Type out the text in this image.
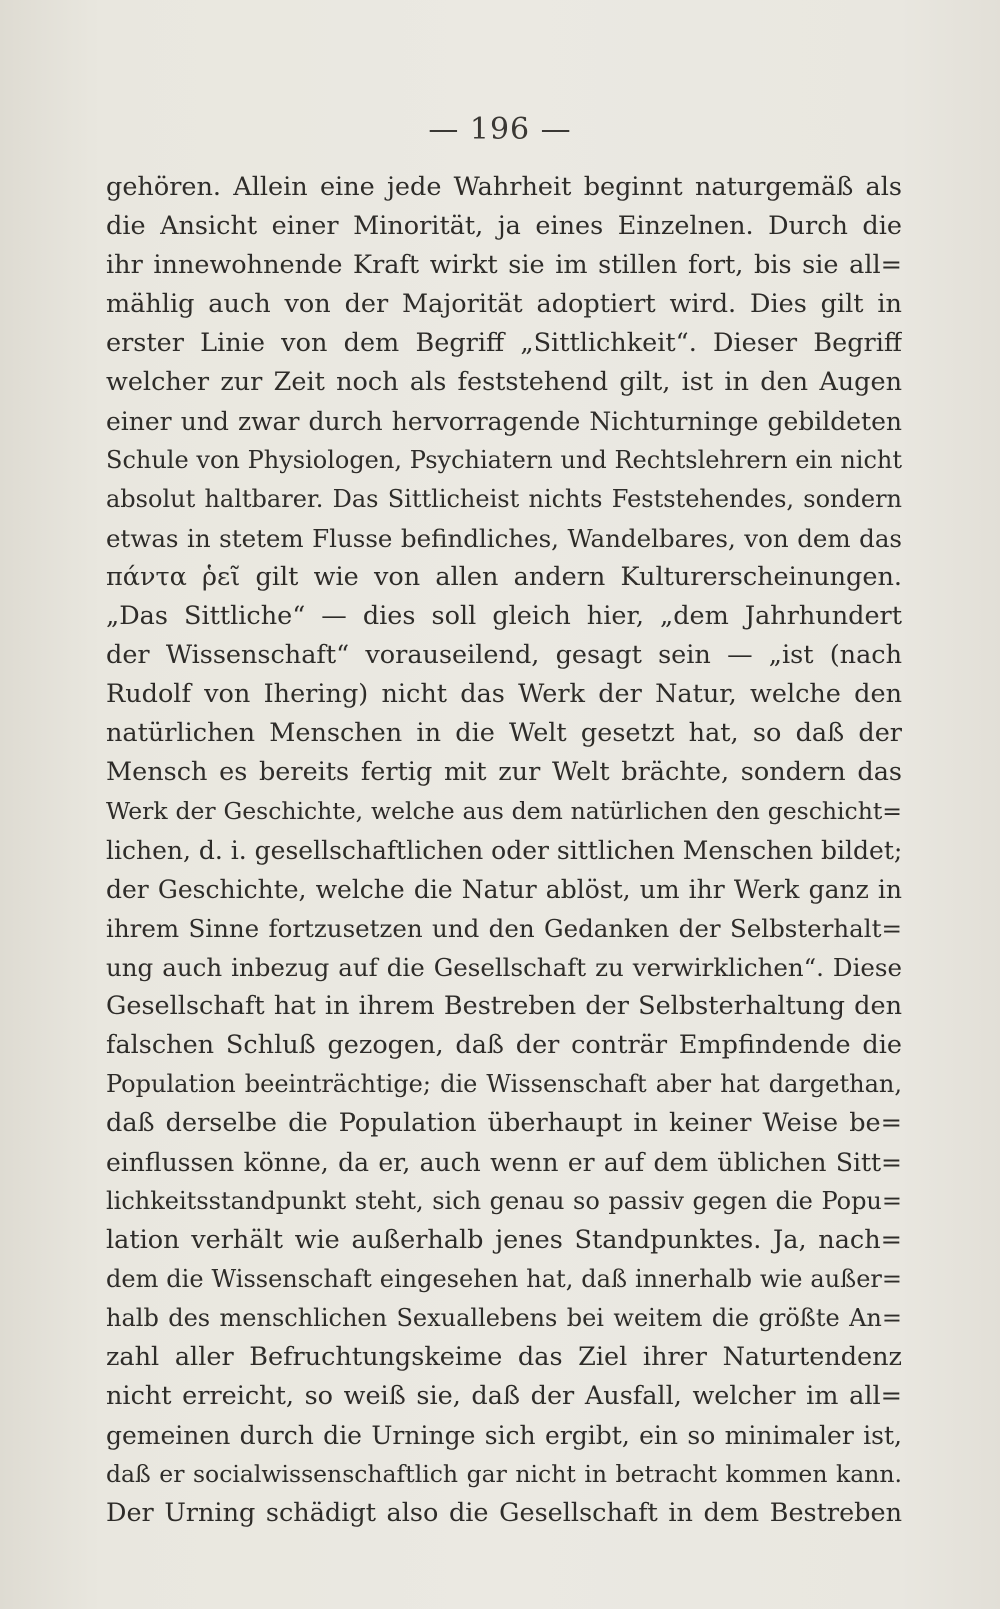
— 196 —
gehören. Allein eine jede Wahrheit beginnt naturgemäß als
die Ansicht einer Minorität, ja eines Einzelnen. Durch die
ihr innewohnende Kraft wirkt sie im stillen fort, bis sie all=
mählig auch von der Majorität adoptiert wird. Dies gilt in
erster Linie von dem Begriff „Sittlichkeit“. Dieser Begriff
welcher zur Zeit noch als feststehend gilt, ist in den Augen
einer und zwar durch hervorragende Nichturninge gebildeten
Schule von Physiologen, Psychiatern und Rechtslehrern ein nicht
absolut haltbarer. Das Sittlicheist nichts Feststehendes, sondern
etwas in stetem Flusse befindliches, Wandelbares, von dem das
πάντα ῥεῖ gilt wie von allen andern Kulturerscheinungen.
„Das Sittliche“ — dies soll gleich hier, „dem Jahrhundert
der Wissenschaft“ vorauseilend, gesagt sein — „ist (nach
Rudolf von Ihering) nicht das Werk der Natur, welche den
natürlichen Menschen in die Welt gesetzt hat, so daß der
Mensch es bereits fertig mit zur Welt brächte, sondern das
Werk der Geschichte, welche aus dem natürlichen den geschicht=
lichen, d. i. gesellschaftlichen oder sittlichen Menschen bildet;
der Geschichte, welche die Natur ablöst, um ihr Werk ganz in
ihrem Sinne fortzusetzen und den Gedanken der Selbsterhalt=
ung auch inbezug auf die Gesellschaft zu verwirklichen“. Diese
Gesellschaft hat in ihrem Bestreben der Selbsterhaltung den
falschen Schluß gezogen, daß der conträr Empfindende die
Population beeinträchtige; die Wissenschaft aber hat dargethan,
daß derselbe die Population überhaupt in keiner Weise be=
einflussen könne, da er, auch wenn er auf dem üblichen Sitt=
lichkeitsstandpunkt steht, sich genau so passiv gegen die Popu=
lation verhält wie außerhalb jenes Standpunktes. Ja, nach=
dem die Wissenschaft eingesehen hat, daß innerhalb wie außer=
halb des menschlichen Sexuallebens bei weitem die größte An=
zahl aller Befruchtungskeime das Ziel ihrer Naturtendenz
nicht erreicht, so weiß sie, daß der Ausfall, welcher im all=
gemeinen durch die Urninge sich ergibt, ein so minimaler ist,
daß er socialwissenschaftlich gar nicht in betracht kommen kann.
Der Urning schädigt also die Gesellschaft in dem Bestreben
